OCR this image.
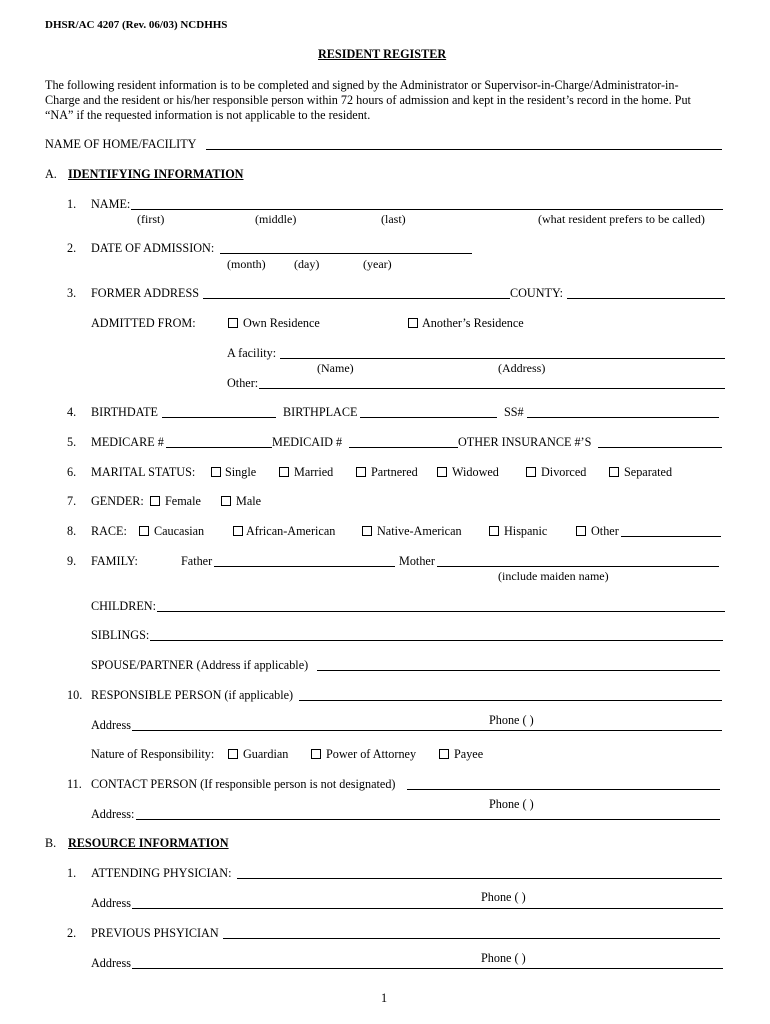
DHSR/AC 4207 (Rev. 06/03) NCDHHS
RESIDENT REGISTER
The following resident information is to be completed and signed by the Administrator or Supervisor-in-Charge/Administrator-in-
Charge and the resident or his/her responsible person within 72 hours of admission and kept in the resident’s record in the home. Put
“NA” if the requested information is not applicable to the resident.
NAME OF HOME/FACILITY
A. IDENTIFYING INFORMATION
1. NAME:
(first)	(middle)	(last)	(what resident prefers to be called)
2. DATE OF ADMISSION:
(month) (day)	(year)
3. FORMER ADDRESS	COUNTY:
ADMITTED FROM:	Own Residence	Another’s Residence
A facility:
(Name)	(Address)
Other:
4. BIRTHDATE	BIRTHPLACE	SS#
5. MEDICARE #	MEDICAID #	OTHER INSURANCE #’S
6. MARITAL STATUS: Single	Married	Partnered	Widowed	Divorced	Separated
7. GENDER: Female	Male
8. RACE: Caucasian	African-American	Native-American	Hispanic	Other
9. FAMILY:	Father	Mother
(include maiden name)
CHILDREN:
SIBLINGS:
SPOUSE/PARTNER (Address if applicable)
10. RESPONSIBLE PERSON (if applicable)
Address	Phone ( )
Nature of Responsibility: Guardian	Power of Attorney	Payee
11. CONTACT PERSON (If responsible person is not designated)
Phone ( )
Address:
B. RESOURCE INFORMATION
1. ATTENDING PHYSICIAN:
Phone ( )
Address
2. PREVIOUS PHSYICIAN
Phone ( )
Address
1
